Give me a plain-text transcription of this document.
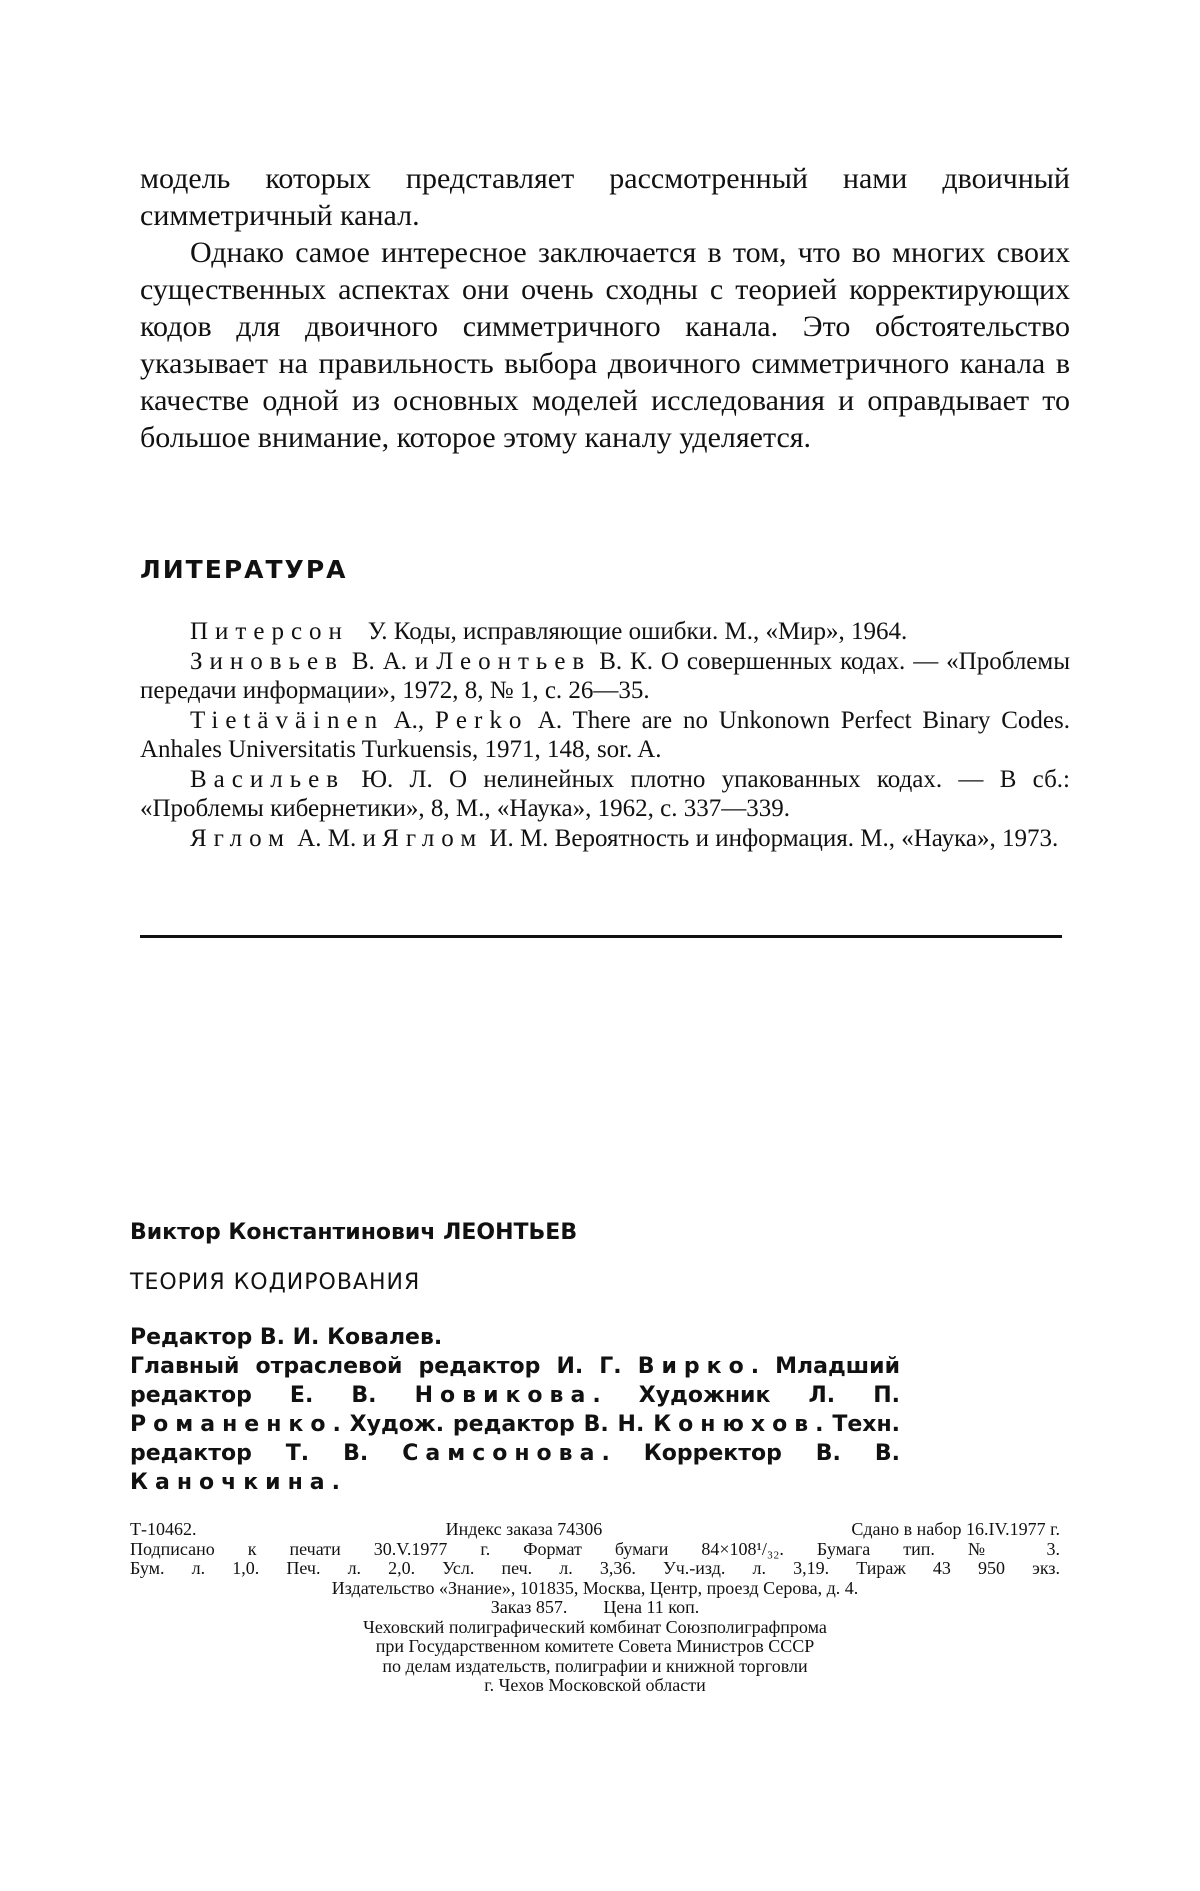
модель которых представляет рассмотренный нами двоичный симметричный канал.

Однако самое интересное заключается в том, что во многих своих существенных аспектах они очень сходны с теорией корректирующих кодов для двоичного симметричного канала. Это обстоятельство указывает на правильность выбора двоичного симметричного канала в качестве одной из основных моделей исследования и оправдывает то большое внимание, которое этому каналу уделяется.

ЛИТЕРАТУРА

Питерсон У. Коды, исправляющие ошибки. М., «Мир», 1964.

Зиновьев В. А. и Леонтьев В. К. О совершенных кодах. — «Проблемы передачи информации», 1972, 8, № 1, с. 26—35.

Tietäväinen A., Perko A. There are no Unkonown Perfect Binary Codes. Anhales Universitatis Turkuensis, 1971, 148, sor. A.

Васильев Ю. Л. О нелинейных плотно упакованных кодах. — В сб.: «Проблемы кибернетики», 8, М., «Наука», 1962, с. 337—339.

Яглом А. М. и Яглом И. М. Вероятность и информация. М., «Наука», 1973.

Виктор Константинович ЛЕОНТЬЕВ

ТЕОРИЯ КОДИРОВАНИЯ

Редактор В. И. Ковалев.
Главный отраслевой редактор И. Г. Вирко. Младший редактор Е. В. Новикова. Художник Л. П. Романенко. Худож. редактор В. Н. Конюхов. Техн. редактор Т. В. Самсонова. Корректор В. В. Каночкина.

Т-10462.	Индекс заказа 74306	Сдано в набор 16.IV.1977 г.
Подписано к печати 30.V.1977 г. Формат бумаги 84×108¹/₃₂. Бумага тип. № 3.
Бум. л. 1,0. Печ. л. 2,0. Усл. печ. л. 3,36. Уч.-изд. л. 3,19. Тираж 43 950 экз.
Издательство «Знание», 101835, Москва, Центр, проезд Серова, д. 4.
Заказ 857. Цена 11 коп.
Чеховский полиграфический комбинат Союзполиграфпрома
при Государственном комитете Совета Министров СССР
по делам издательств, полиграфии и книжной торговли
г. Чехов Московской области
